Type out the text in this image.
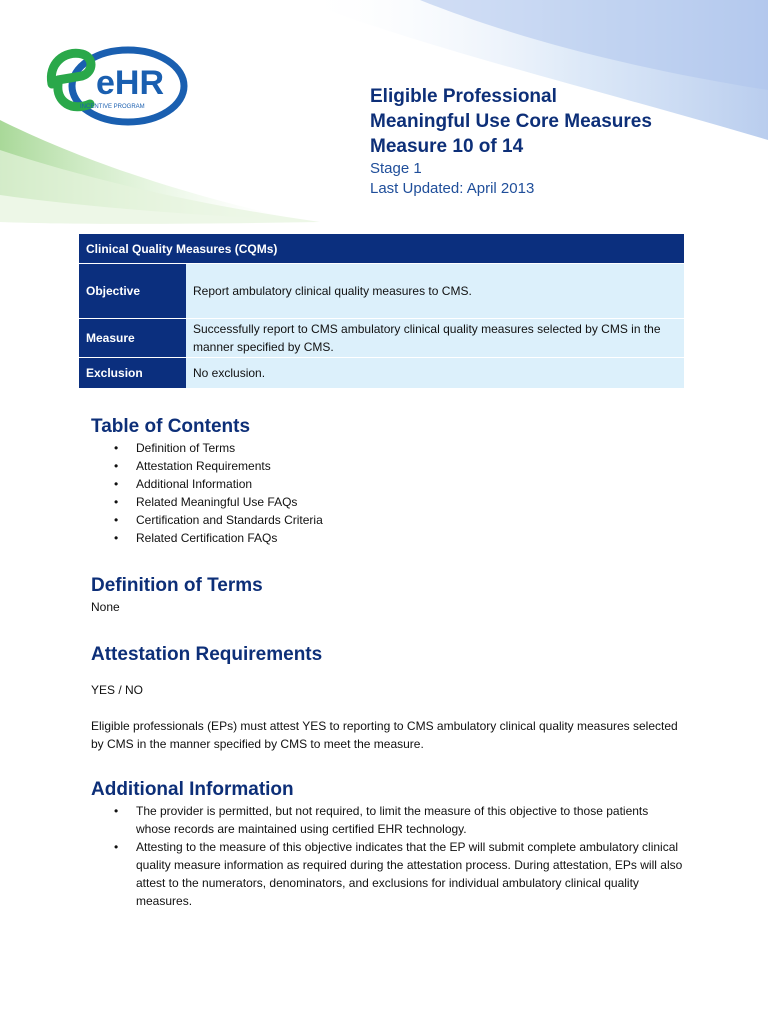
eHR
INCENTIVE PROGRAM	Eligible Professional
Meaningful Use Core Measures
Measure 10 of 14
Stage 1
Last Updated: April 2013
Clinical Quality Measures (CQMs)	
Objective	Report ambulatory clinical quality measures to CMS.
Measure	Successfully report to CMS ambulatory clinical quality measures selected by CMS in the manner specified by CMS.
Exclusion	No exclusion.
Table of Contents
• Definition of Terms
• Attestation Requirements
• Additional Information
• Related Meaningful Use FAQs
• Certification and Standards Criteria
• Related Certification FAQs
Definition of Terms

None

Attestation Requirements

YES / NO

Eligible professionals (EPs) must attest YES to reporting to CMS ambulatory clinical quality measures selected by CMS in the manner specified by CMS to meet the measure.

Additional Information
• The provider is permitted, but not required, to limit the measure of this objective to those patients whose records are maintained using certified EHR technology.
• Attesting to the measure of this objective indicates that the EP will submit complete ambulatory clinical quality measure information as required during the attestation process. During attestation, EPs will also attest to the numerators, denominators, and exclusions for individual ambulatory clinical quality measures.
